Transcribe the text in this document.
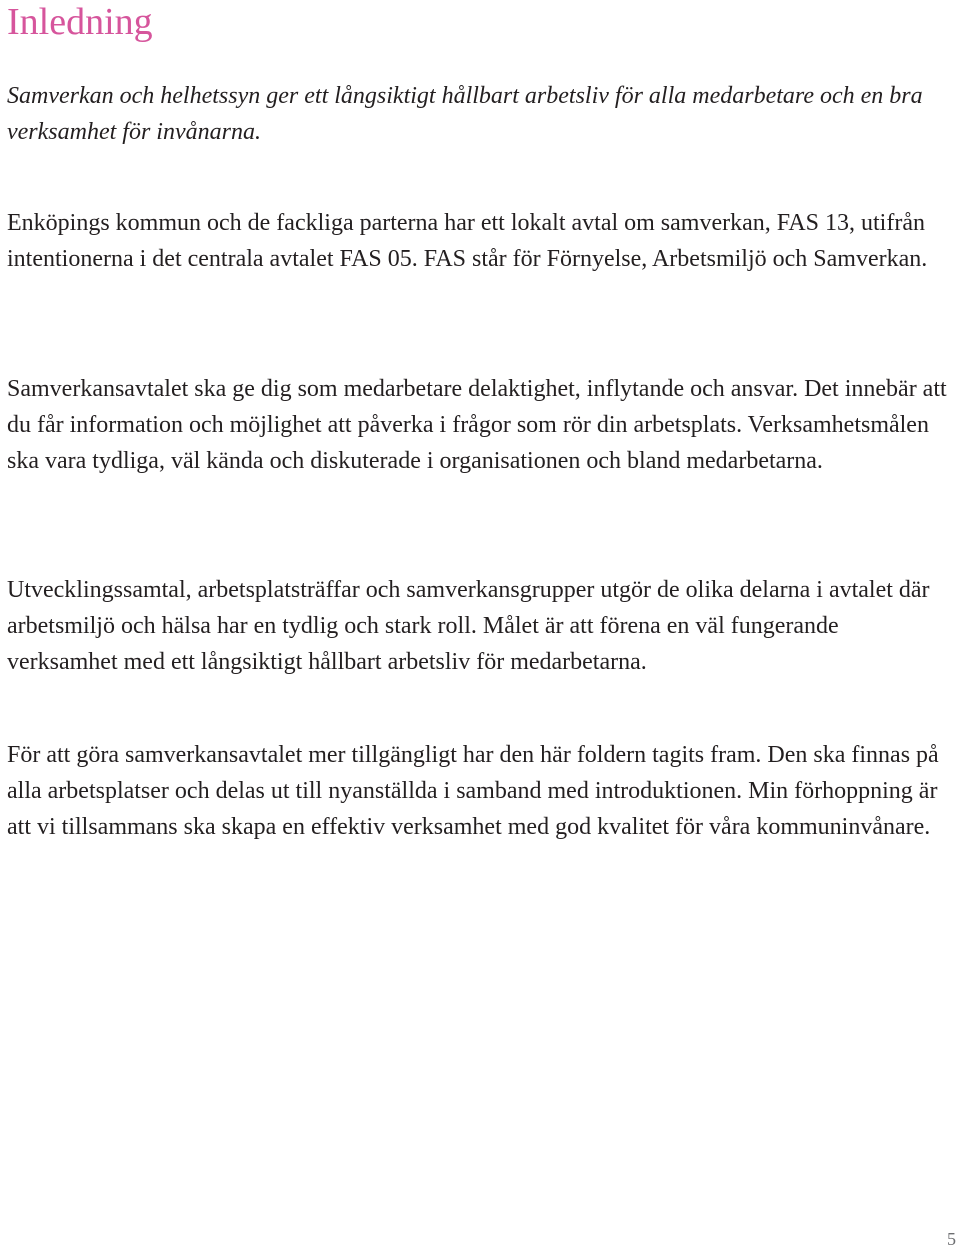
Inledning

Samverkan och helhetssyn ger ett långsiktigt hållbart arbetsliv för alla medarbetare och en bra verksamhet för invånarna.

Enköpings kommun och de fackliga parterna har ett lokalt avtal om samverkan, FAS 13, utifrån intentionerna i det centrala avtalet FAS 05. FAS står för Förnyelse, Arbetsmiljö och Samverkan.

Samverkansavtalet ska ge dig som medarbetare delaktighet, inflytande och ansvar. Det innebär att du får information och möjlighet att påverka i frågor som rör din arbetsplats. Verksamhetsmålen ska vara tydliga, väl kända och diskuterade i organisationen och bland medarbetarna.

Utvecklingssamtal, arbetsplatsträffar och samverkansgrupper utgör de olika delarna i avtalet där arbetsmiljö och hälsa har en tydlig och stark roll. Målet är att förena en väl fungerande verksamhet med ett långsiktigt hållbart arbetsliv för medarbetarna.

För att göra samverkansavtalet mer tillgängligt har den här foldern tagits fram. Den ska finnas på alla arbetsplatser och delas ut till nyanställda i samband med introduktionen. Min förhoppning är att vi tillsammans ska skapa en effektiv verksamhet med god kvalitet för våra kommuninvånare.

5
